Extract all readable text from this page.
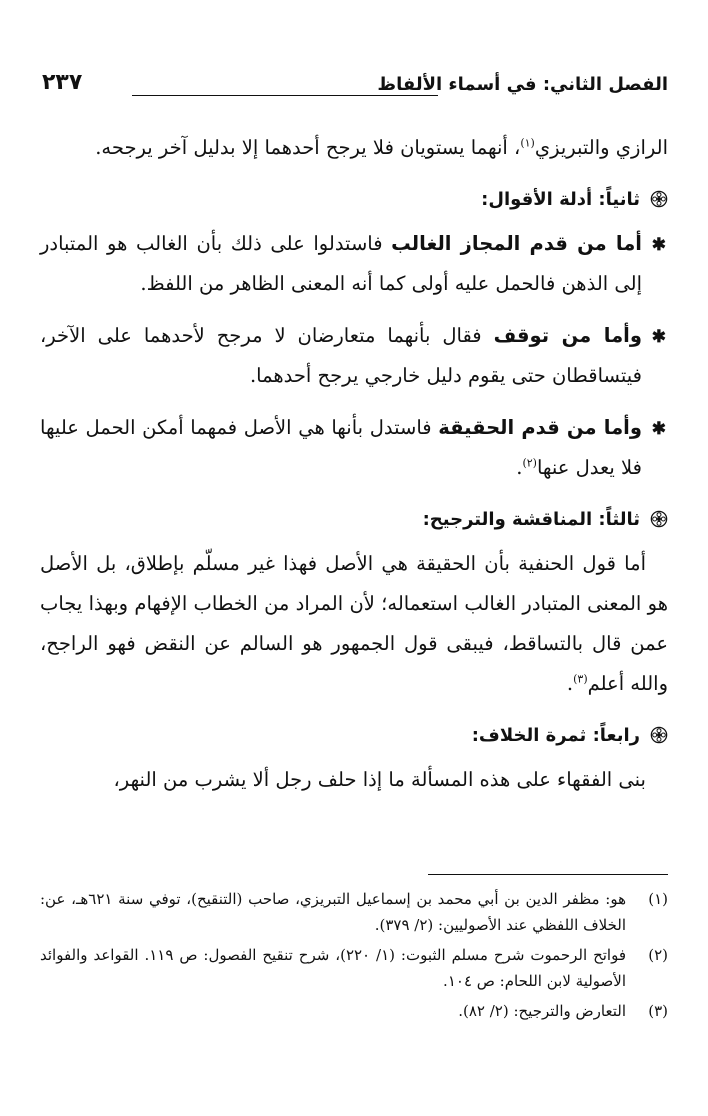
الفصل الثاني: في أسماء الألفاظ
٢٣٧

الرازي والتبريزي$^{(١)}$، أنهما يستويان فلا يرجح أحدهما إلا بدليل آخر يرجحه.

ثانياً: أدلة الأقوال:
✱

أما من قدم المجاز الغالب فاستدلوا على ذلك بأن الغالب هو المتبادر إلى الذهن فالحمل عليه أولى كما أنه المعنى الظاهر من اللفظ.

✱

وأما من توقف فقال بأنهما متعارضان لا مرجح لأحدهما على الآخر، فيتساقطان حتى يقوم دليل خارجي يرجح أحدهما.

✱

وأما من قدم الحقيقة فاستدل بأنها هي الأصل فمهما أمكن الحمل عليها فلا يعدل عنها$^{(٢)}$.

ثالثاً: المناقشة والترجيح:

أما قول الحنفية بأن الحقيقة هي الأصل فهذا غير مسلّم بإطلاق، بل الأصل هو المعنى المتبادر الغالب استعماله؛ لأن المراد من الخطاب الإفهام وبهذا يجاب عمن قال بالتساقط، فيبقى قول الجمهور هو السالم عن النقض فهو الراجح، والله أعلم$^{(٣)}$.

رابعاً: ثمرة الخلاف:

بنى الفقهاء على هذه المسألة ما إذا حلف رجل ألا يشرب من النهر،

(١)
هو: مظفر الدين بن أبي محمد بن إسماعيل التبريزي، صاحب (التنقيح)، توفي سنة ٦٢١هـ، عن: الخلاف اللفظي عند الأصوليين: (٢/ ٣٧٩).
(٢)
فواتح الرحموت شرح مسلم الثبوت: (١/ ٢٢٠)، شرح تنقيح الفصول: ص ١١٩. القواعد والفوائد الأصولية لابن اللحام: ص ١٠٤.
(٣)
التعارض والترجيح: (٢/ ٨٢).
